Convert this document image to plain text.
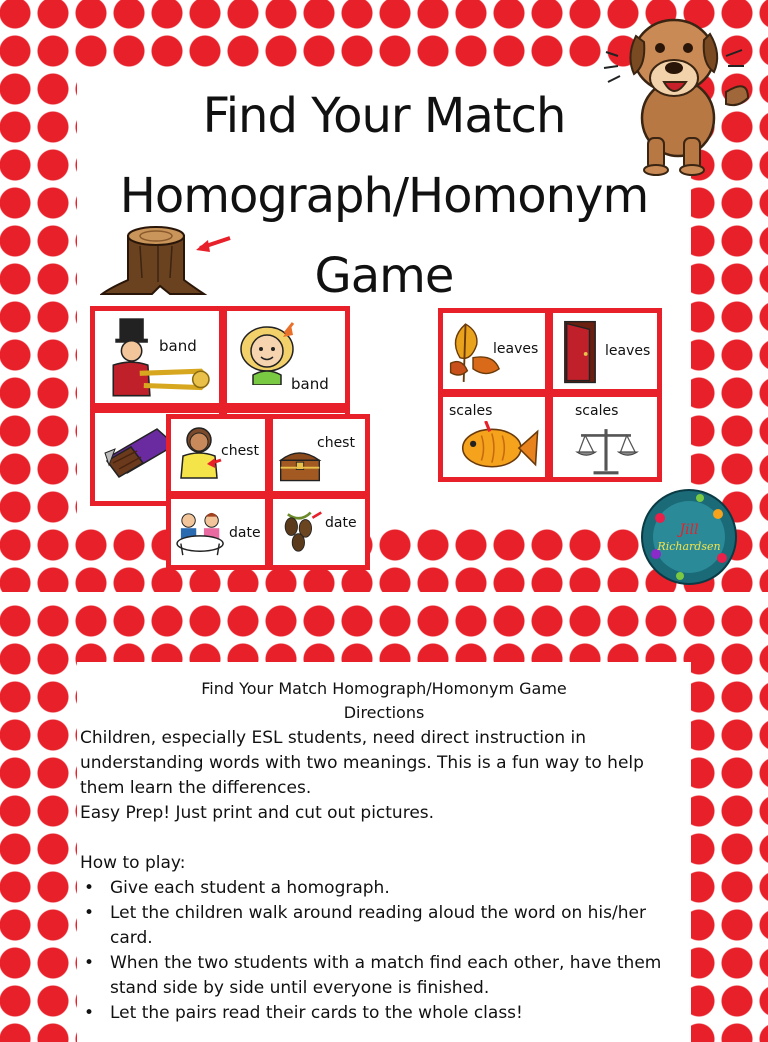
Find Your Match
Homograph/Homonym
Game
band
band
chest	chest
date
date
leaves	leaves
scales	scales
Jill
Richardsen
Find Your Match Homograph/Homonym Game
Directions

Children, especially ESL students, need direct instruction in understanding words with two meanings. This is a fun way to help them learn the differences.

Easy Prep! Just print and cut out pictures.

How to play:

• Give each student a homograph.
• Let the children walk around reading aloud the word on his/her card.
• When the two students with a match find each other, have them stand side by side until everyone is finished.
• Let the pairs read their cards to the whole class!
